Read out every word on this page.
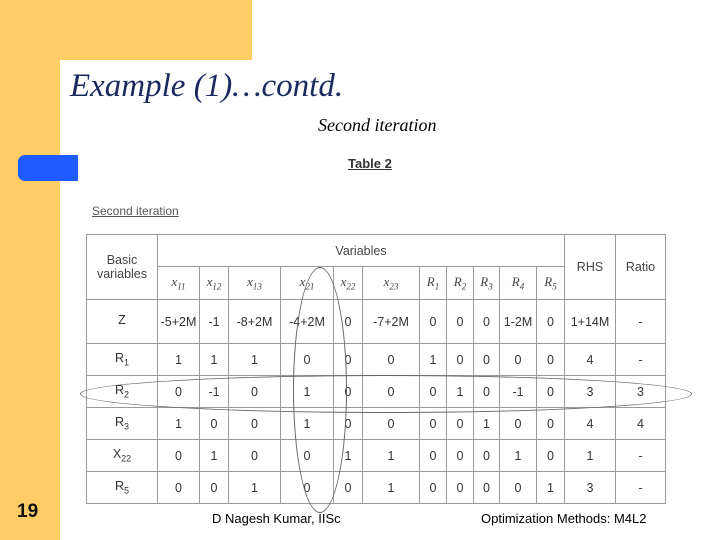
Example (1)…contd.
Second iteration
Table 2
Second iteration
Basic variables	Variables											RHS	Ratio
	$x_{11}$	$x_{12}$	$x_{13}$	$x_{21}$	$x_{22}$	$x_{23}$	$R_1$	$R_2$	$R_3$	$R_4$	$R_5$
Z	-5+2M	-1	-8+2M	-4+2M	0	-7+2M	0	0	0	1-2M	0	1+14M	-
$R_1$	1	1	1	0	0	0	1	0	0	0	0	4	-
$R_2$	0	-1	0	1	0	0	0	1	0	-1	0	3	3
$R_3$	1	0	0	1	0	0	0	0	1	0	0	4	4
$X_{22}$	0	1	0	0	1	1	0	0	0	1	0	1	-
$R_5$	0	0	1	0	0	1	0	0	0	0	1	3	-
19	D Nagesh Kumar, IISc	Optimization Methods: M4L2
